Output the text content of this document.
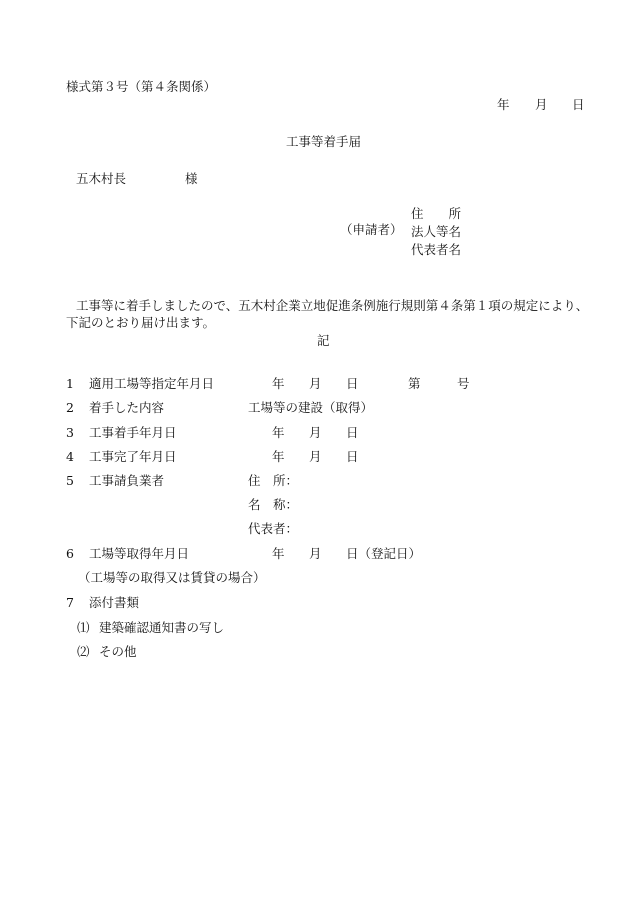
様式第３号（第４条関係）
年 月 日
工事等着手届
五木村長	様
（申請者）
住　　所
法人等名
代表者名
工事等に着手しましたので、五木村企業立地促進条例施行規則第４条第１項の規定により、
下記のとおり届け出ます。
記
1 適用工場等指定年月日	年 月 日	第	号
2 着手した内容	工場等の建設（取得）
3 工事着手年月日	年 月 日
4 工事完了年月日	年 月 日
5 工事請負業者	住　所：
名　称：
代表者：
6 工場等取得年月日	年 月 日（登記日）
（工場等の取得又は賃貸の場合）
7 添付書類
⑴ 建築確認通知書の写し
⑵ その他
